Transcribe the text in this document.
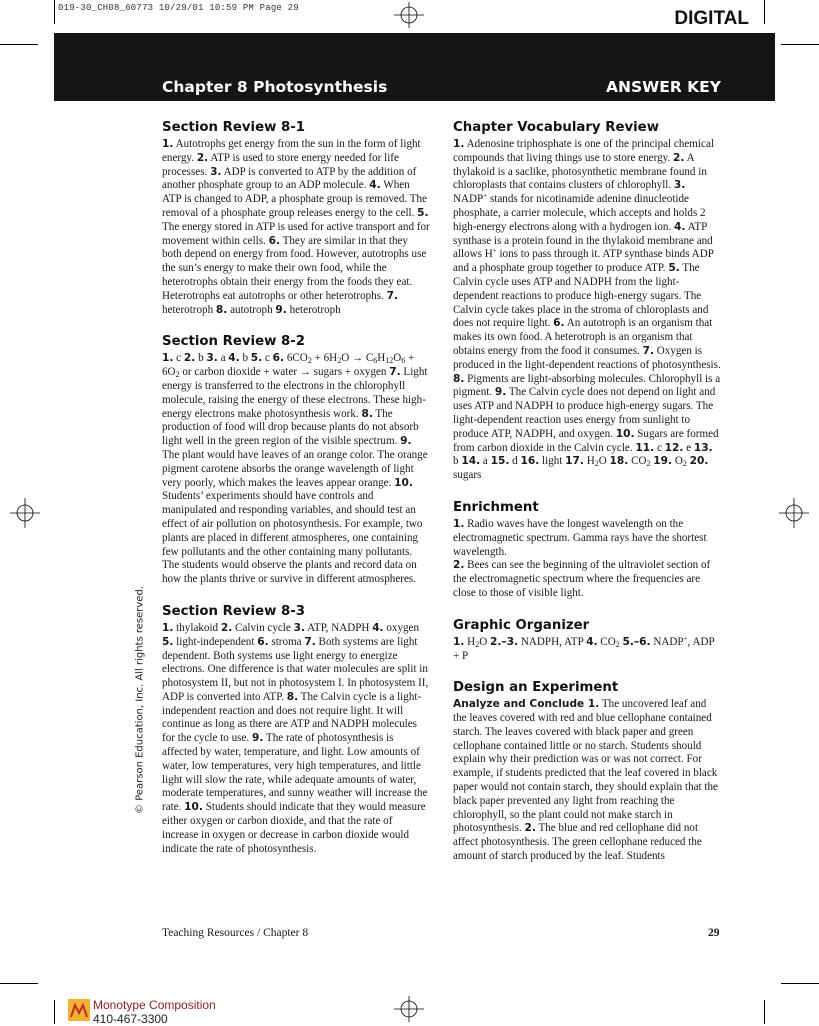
019-30_CH08_60773 10/29/01 10:59 PM Page 29	DIGITAL
Chapter 8 Photosynthesis	ANSWER KEY
© Pearson Education, Inc. All rights reserved.
Section Review 8-1
1. Autotrophs get energy from the sun in the form of light energy. 2. ATP is used to store energy needed for life processes. 3. ADP is converted to ATP by the addition of another phosphate group to an ADP molecule. 4. When ATP is changed to ADP, a phosphate group is removed. The removal of a phosphate group releases energy to the cell. 5. The energy stored in ATP is used for active transport and for movement within cells. 6. They are similar in that they both depend on energy from food. However, autotrophs use the sun’s energy to make their own food, while the heterotrophs obtain their energy from the foods they eat. Heterotrophs eat autotrophs or other heterotrophs. 7. heterotroph 8. autotroph 9. heterotroph
Section Review 8-2
1. c 2. b 3. a 4. b 5. c 6. $6CO_2 + 6H_2O \to C_6H_{12}O_6 + 6O_2$ or carbon dioxide + water → sugars + oxygen 7. Light energy is transferred to the electrons in the chlorophyll molecule, raising the energy of these electrons. These high-energy electrons make photosynthesis work. 8. The production of food will drop because plants do not absorb light well in the green region of the visible spectrum. 9. The plant would have leaves of an orange color. The orange pigment carotene absorbs the orange wavelength of light very poorly, which makes the leaves appear orange. 10. Students’ experiments should have controls and manipulated and responding variables, and should test an effect of air pollution on photosynthesis. For example, two plants are placed in different atmospheres, one containing few pollutants and the other containing many pollutants. The students would observe the plants and record data on how the plants thrive or survive in different atmospheres.
Section Review 8-3
1. thylakoid 2. Calvin cycle 3. ATP, NADPH 4. oxygen 5. light-independent 6. stroma 7. Both systems are light dependent. Both systems use light energy to energize electrons. One difference is that water molecules are split in photosystem II, but not in photosystem I. In photosystem II, ADP is converted into ATP. 8. The Calvin cycle is a light-independent reaction and does not require light. It will continue as long as there are ATP and NADPH molecules for the cycle to use. 9. The rate of photosynthesis is affected by water, temperature, and light. Low amounts of water, low temperatures, very high temperatures, and little light will slow the rate, while adequate amounts of water, moderate temperatures, and sunny weather will increase the rate. 10. Students should indicate that they would measure either oxygen or carbon dioxide, and that the rate of increase in oxygen or decrease in carbon dioxide would indicate the rate of photosynthesis.
Chapter Vocabulary Review
1. Adenosine triphosphate is one of the principal chemical compounds that living things use to store energy. 2. A thylakoid is a saclike, photosynthetic membrane found in chloroplasts that contains clusters of chlorophyll. 3. NADP+ stands for nicotinamide adenine dinucleotide phosphate, a carrier molecule, which accepts and holds 2 high-energy electrons along with a hydrogen ion. 4. ATP synthase is a protein found in the thylakoid membrane and allows H+ ions to pass through it. ATP synthase binds ADP and a phosphate group together to produce ATP. 5. The Calvin cycle uses ATP and NADPH from the light-dependent reactions to produce high-energy sugars. The Calvin cycle takes place in the stroma of chloroplasts and does not require light. 6. An autotroph is an organism that makes its own food. A heterotroph is an organism that obtains energy from the food it consumes. 7. Oxygen is produced in the light-dependent reactions of photosynthesis. 8. Pigments are light-absorbing molecules. Chlorophyll is a pigment. 9. The Calvin cycle does not depend on light and uses ATP and NADPH to produce high-energy sugars. The light-dependent reaction uses energy from sunlight to produce ATP, NADPH, and oxygen. 10. Sugars are formed from carbon dioxide in the Calvin cycle. 11. c 12. e 13. b 14. a 15. d 16. light 17. $H_2O$ 18. $CO_2$ 19. $O_2$ 20. sugars
Enrichment
1. Radio waves have the longest wavelength on the electromagnetic spectrum. Gamma rays have the shortest wavelength.
2. Bees can see the beginning of the ultraviolet section of the electromagnetic spectrum where the frequencies are close to those of visible light.
Graphic Organizer
1. $H_2O$ 2.–3. NADPH, ATP 4. $CO_2$ 5.–6. NADP+, ADP + P
Design an Experiment
Analyze and Conclude 1. The uncovered leaf and the leaves covered with red and blue cellophane contained starch. The leaves covered with black paper and green cellophane contained little or no starch. Students should explain why their prediction was or was not correct. For example, if students predicted that the leaf covered in black paper would not contain starch, they should explain that the black paper prevented any light from reaching the chlorophyll, so the plant could not make starch in photosynthesis. 2. The blue and red cellophane did not affect photosynthesis. The green cellophane reduced the amount of starch produced by the leaf. Students
Teaching Resources / Chapter 8	29
Monotype Composition
410-467-3300
